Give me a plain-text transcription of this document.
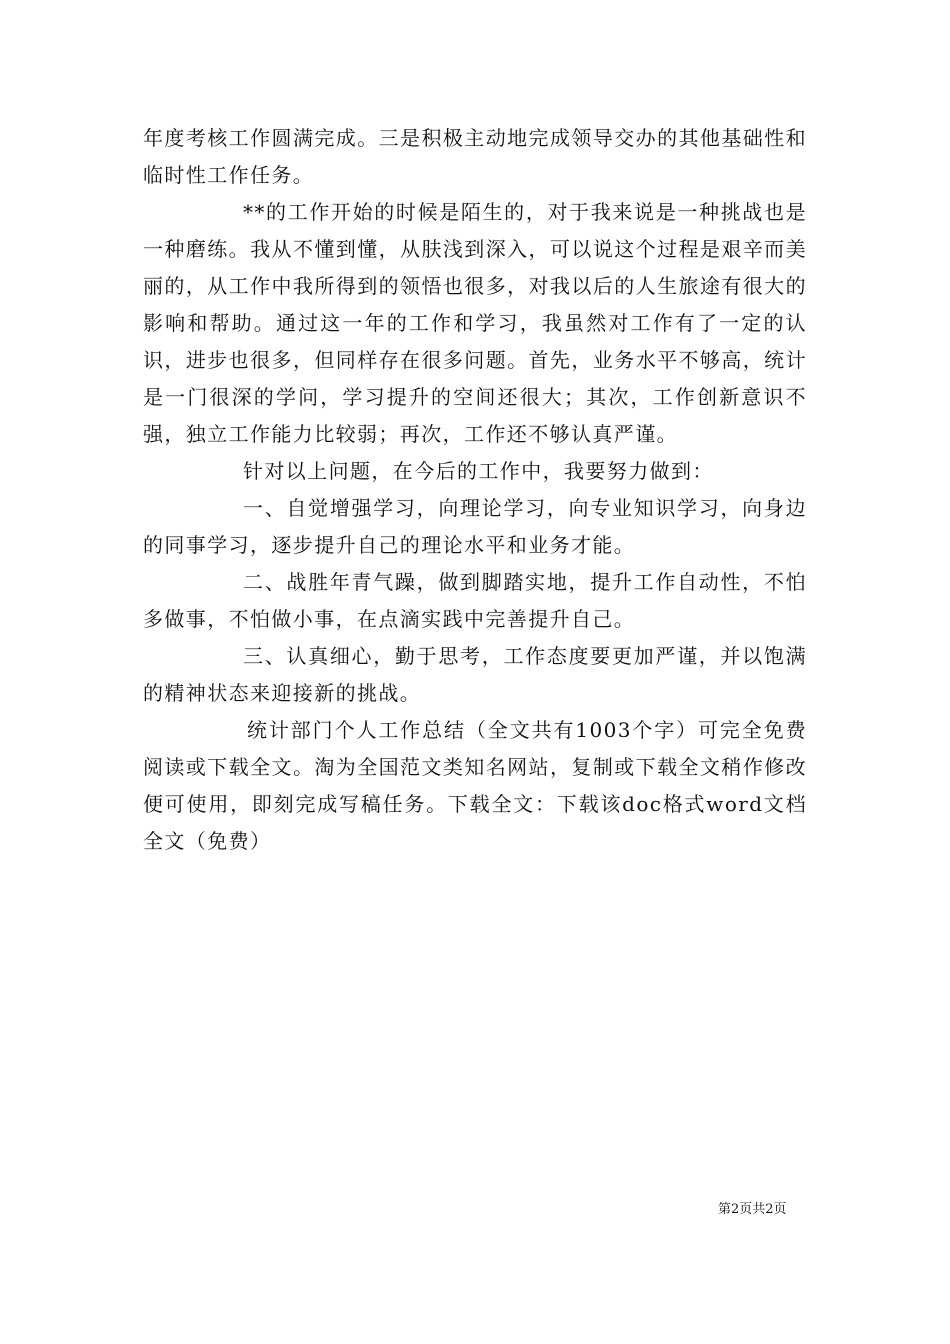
年度考核工作圆满完成。三是积极主动地完成领导交办的其他基础性和临时性工作任务。

**的工作开始的时候是陌生的，对于我来说是一种挑战也是一种磨练。我从不懂到懂，从肤浅到深入，可以说这个过程是艰辛而美丽的，从工作中我所得到的领悟也很多，对我以后的人生旅途有很大的影响和帮助。通过这一年的工作和学习，我虽然对工作有了一定的认识，进步也很多，但同样存在很多问题。首先，业务水平不够高，统计是一门很深的学问，学习提升的空间还很大；其次，工作创新意识不强，独立工作能力比较弱；再次，工作还不够认真严谨。

针对以上问题，在今后的工作中，我要努力做到：

一、自觉增强学习，向理论学习，向专业知识学习，向身边的同事学习，逐步提升自己的理论水平和业务才能。

二、战胜年青气躁，做到脚踏实地，提升工作自动性，不怕多做事，不怕做小事，在点滴实践中完善提升自己。

三、认真细心，勤于思考，工作态度要更加严谨，并以饱满的精神状态来迎接新的挑战。

统计部门个人工作总结（全文共有1003个字）可完全免费阅读或下载全文。淘为全国范文类知名网站，复制或下载全文稍作修改便可使用，即刻完成写稿任务。下载全文：下载该doc格式word文档全文（免费）

第2页共2页
